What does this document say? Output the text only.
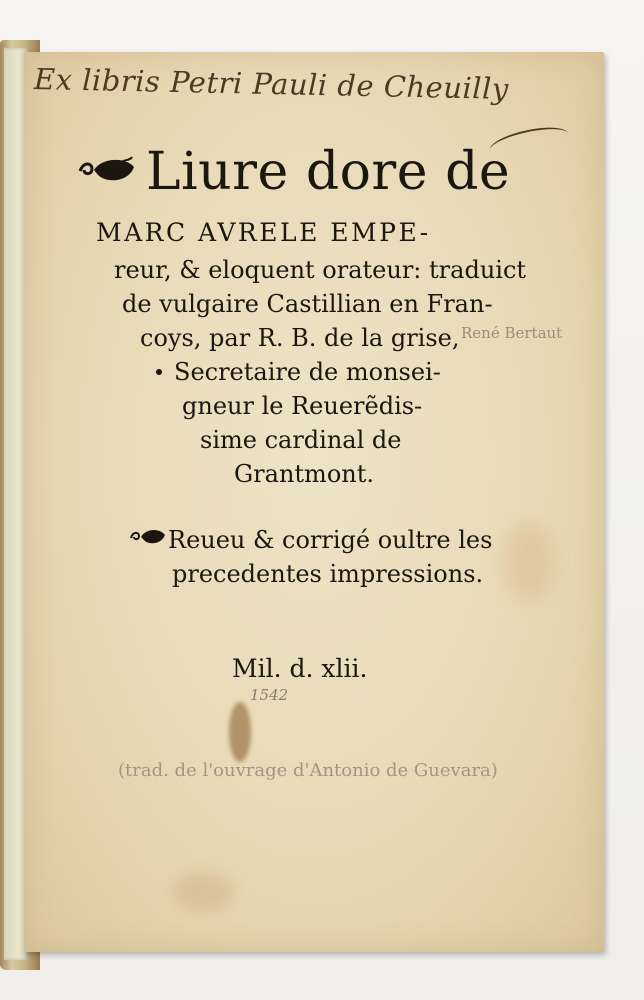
Ex libris Petri Pauli de Cheuilly
Liure dore de
MARC AVRELE EMPE-
reur, & eloquent orateur: traduict
de vulgaire Castillian en Fran-
coys, par R. B. de la grise, René Bertaut
Secretaire de monsei-
gneur le Reuerẽdis-
sime cardinal de
Grantmont.
Reueu & corrigé oultre les
precedentes impressions.
Mil. d. xlii.
1542
(trad. de l'ouvrage d'Antonio de Guevara)
